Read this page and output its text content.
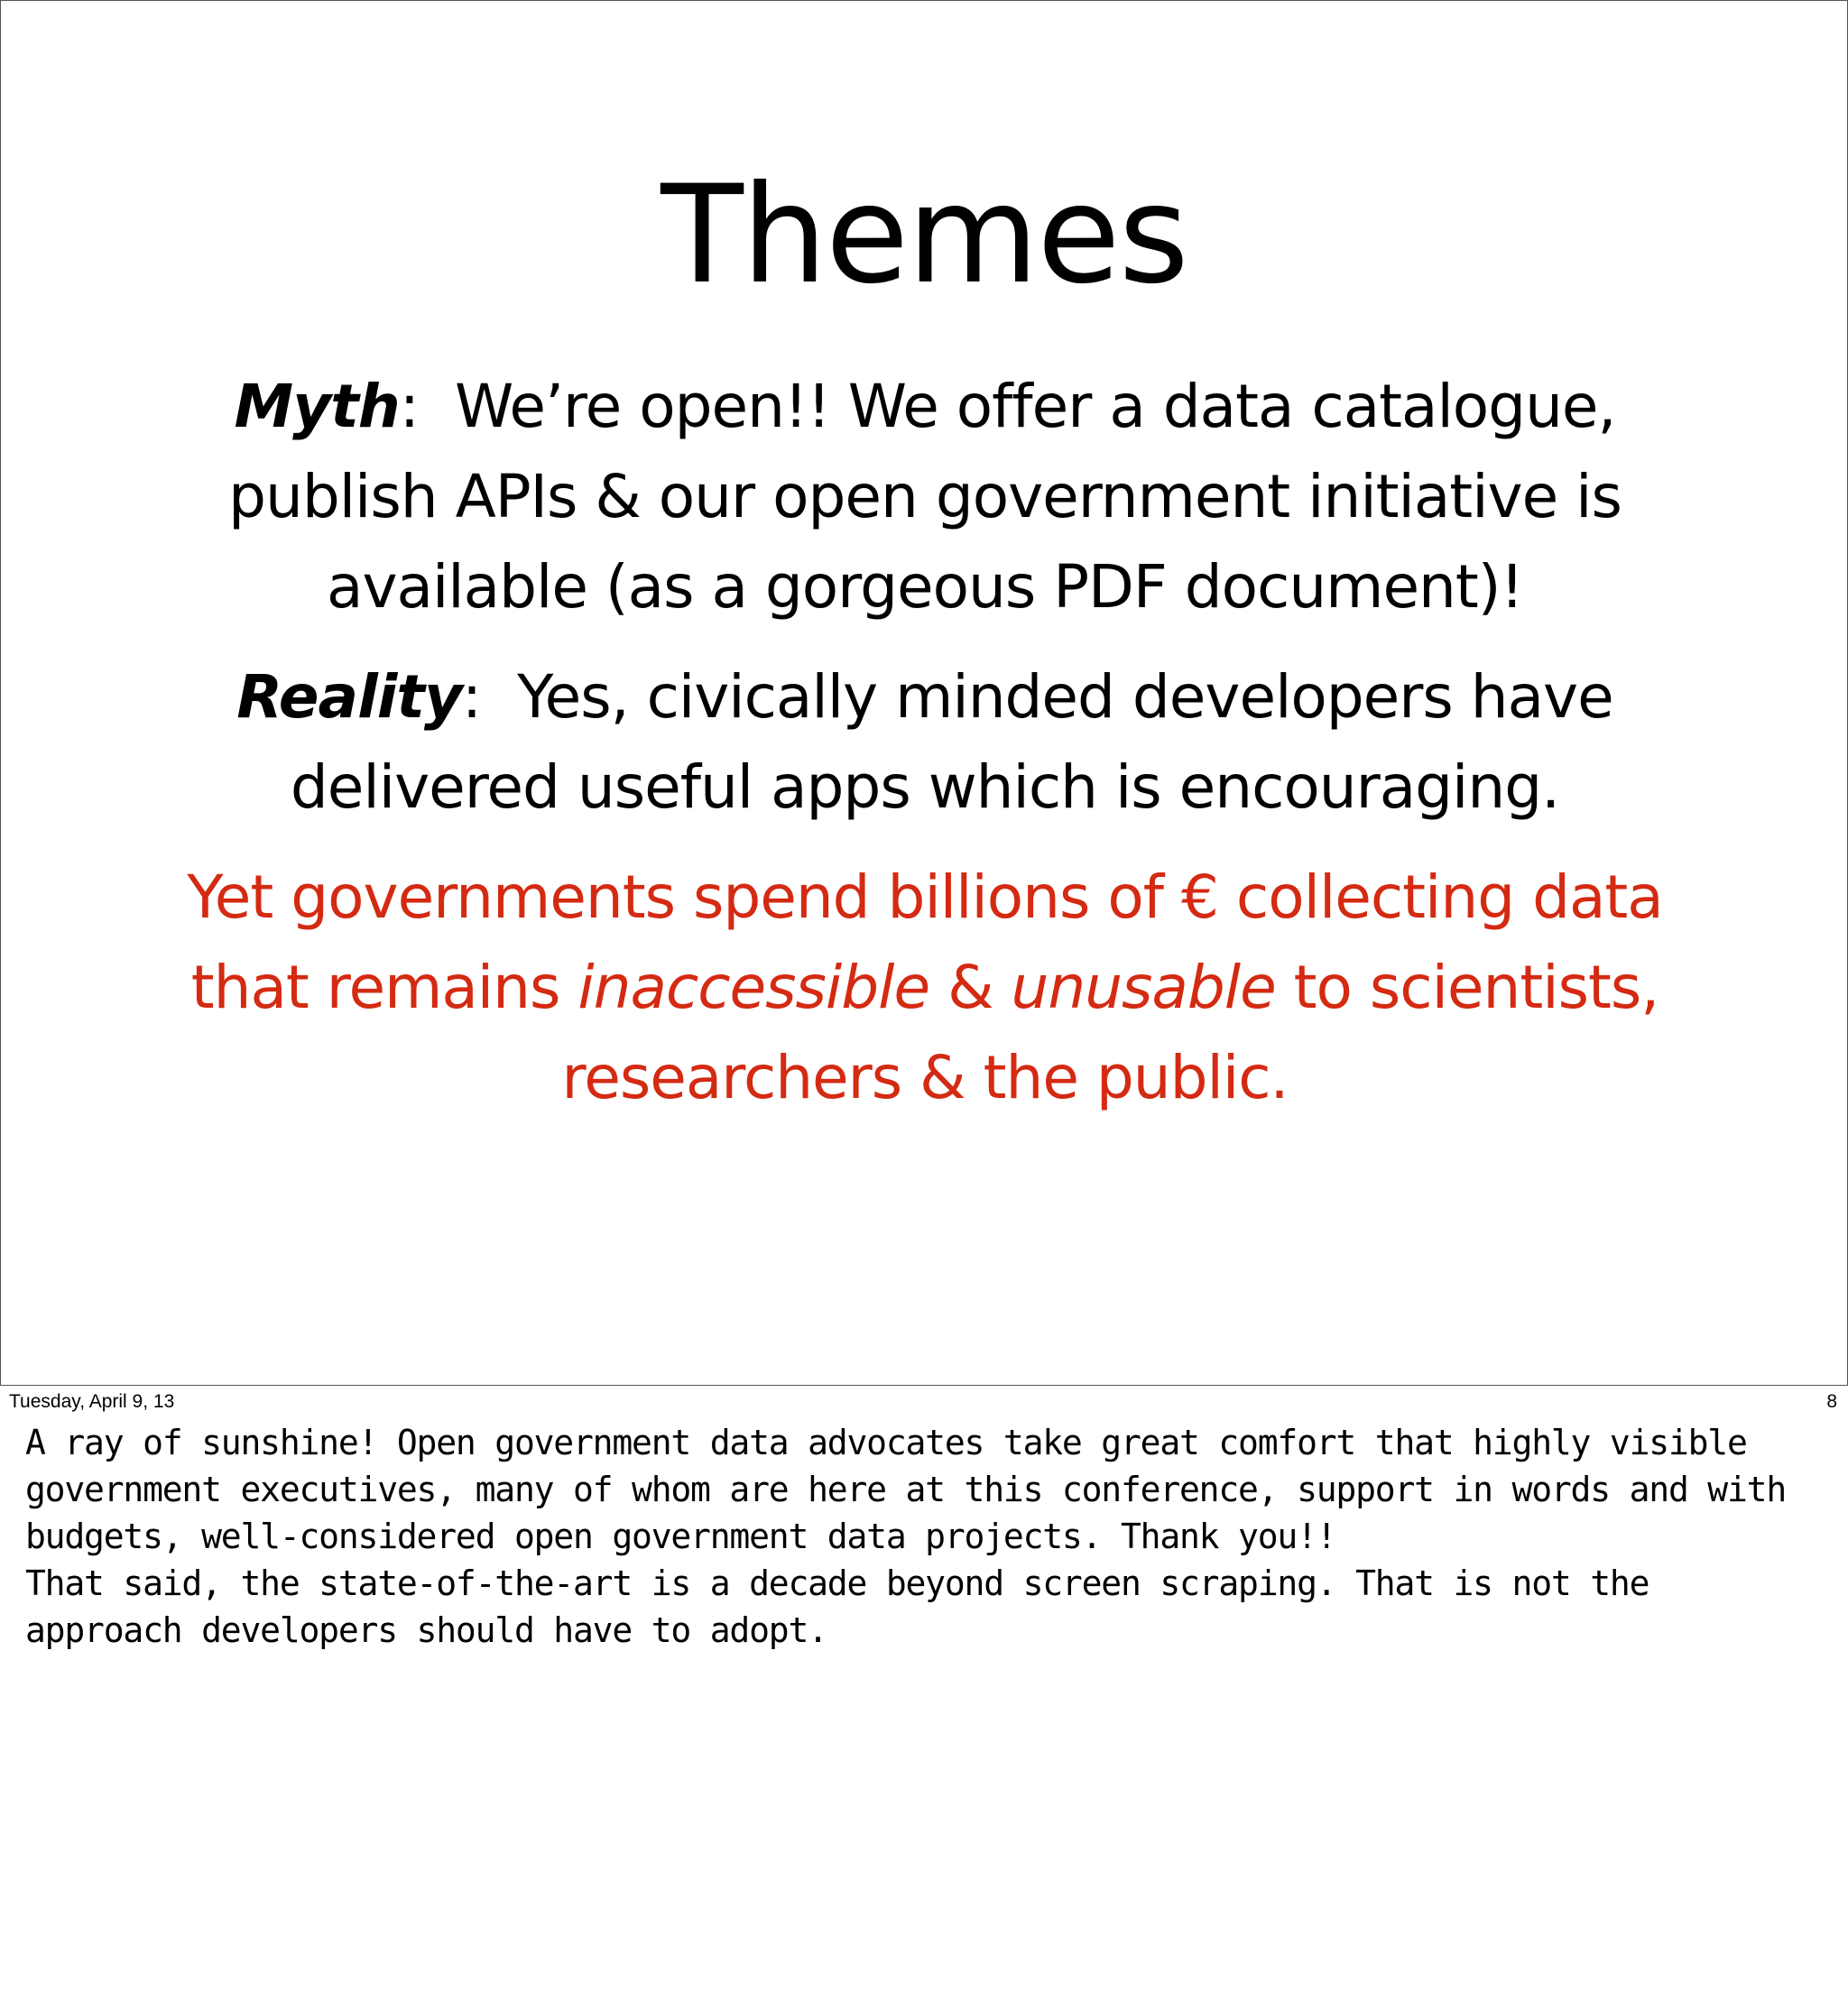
Themes

Myth:  We’re open!! We offer a data catalogue, publish APIs & our open government initiative is available (as a gorgeous PDF document)!

Reality:  Yes, civically minded developers have delivered useful apps which is encouraging.

Yet governments spend billions of € collecting data that remains inaccessible & unusable to scientists, researchers & the public.

Tuesday, April 9, 13	8

A ray of sunshine! Open government data advocates take great comfort that highly visible government executives, many of whom are here at this conference, support in words and with budgets, well-considered open government data projects. Thank you!!

That said, the state-of-the-art is a decade beyond screen scraping. That is not the approach developers should have to adopt.
